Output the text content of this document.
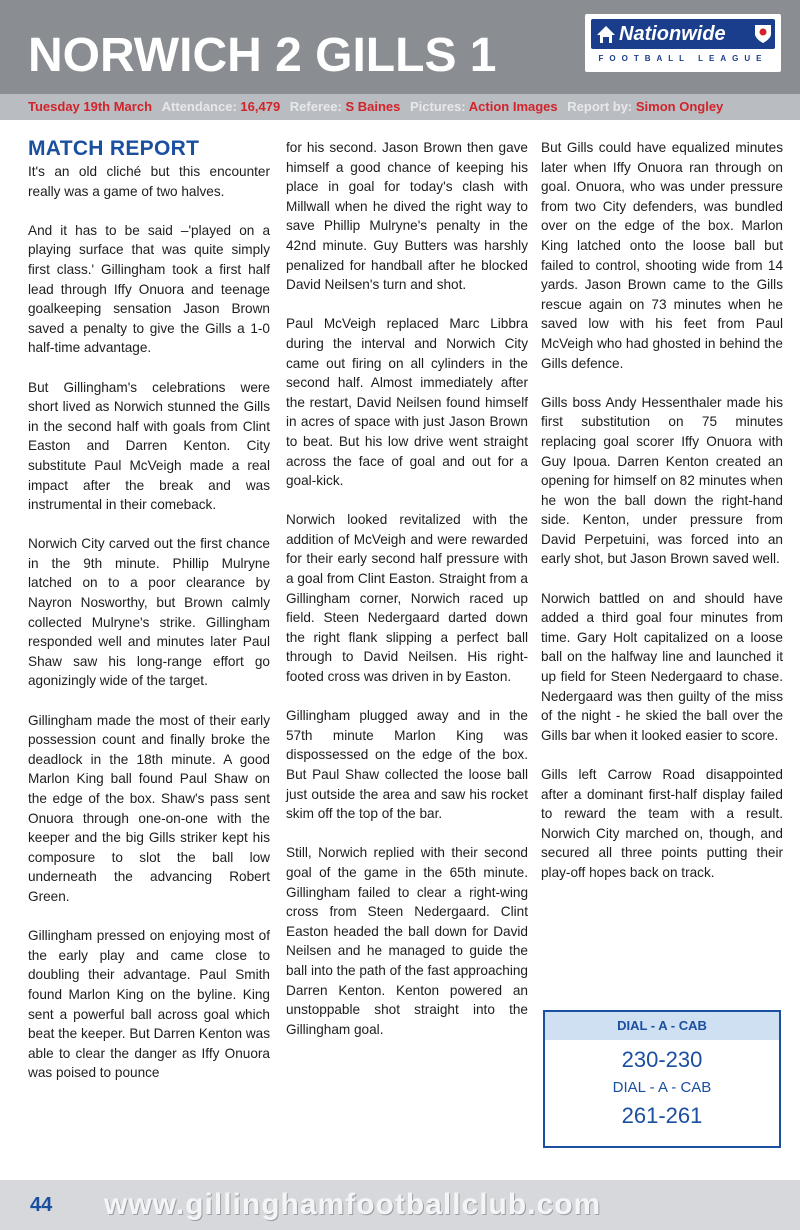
NORWICH 2 GILLS 1	Nationwide
FOOTBALL LEAGUE
Tuesday 19th March Attendance: 16,479 Referee: S Baines Pictures: Action Images Report by: Simon Ongley
MATCH REPORT

It's an old cliché but this encounter really was a game of two halves.

And it has to be said –'played on a playing surface that was quite simply first class.' Gillingham took a first half lead through Iffy Onuora and teenage goalkeeping sensation Jason Brown saved a penalty to give the Gills a 1-0 half-time advantage.

But Gillingham's celebrations were short lived as Norwich stunned the Gills in the second half with goals from Clint Easton and Darren Kenton. City substitute Paul McVeigh made a real impact after the break and was instrumental in their comeback.

Norwich City carved out the first chance in the 9th minute. Phillip Mulryne latched on to a poor clearance by Nayron Nosworthy, but Brown calmly collected Mulryne's strike. Gillingham responded well and minutes later Paul Shaw saw his long-range effort go agonizingly wide of the target.

Gillingham made the most of their early possession count and finally broke the deadlock in the 18th minute. A good Marlon King ball found Paul Shaw on the edge of the box. Shaw's pass sent Onuora through one-on-one with the keeper and the big Gills striker kept his composure to slot the ball low underneath the advancing Robert Green.

Gillingham pressed on enjoying most of the early play and came close to doubling their advantage. Paul Smith found Marlon King on the byline. King sent a powerful ball across goal which beat the keeper. But Darren Kenton was able to clear the danger as Iffy Onuora was poised to pounce

for his second. Jason Brown then gave himself a good chance of keeping his place in goal for today's clash with Millwall when he dived the right way to save Phillip Mulryne's penalty in the 42nd minute. Guy Butters was harshly penalized for handball after he blocked David Neilsen's turn and shot.

Paul McVeigh replaced Marc Libbra during the interval and Norwich City came out firing on all cylinders in the second half. Almost immediately after the restart, David Neilsen found himself in acres of space with just Jason Brown to beat. But his low drive went straight across the face of goal and out for a goal-kick.

Norwich looked revitalized with the addition of McVeigh and were rewarded for their early second half pressure with a goal from Clint Easton. Straight from a Gillingham corner, Norwich raced up field. Steen Nedergaard darted down the right flank slipping a perfect ball through to David Neilsen. His right-footed cross was driven in by Easton.

Gillingham plugged away and in the 57th minute Marlon King was dispossessed on the edge of the box. But Paul Shaw collected the loose ball just outside the area and saw his rocket skim off the top of the bar.

Still, Norwich replied with their second goal of the game in the 65th minute. Gillingham failed to clear a right-wing cross from Steen Nedergaard. Clint Easton headed the ball down for David Neilsen and he managed to guide the ball into the path of the fast approaching Darren Kenton. Kenton powered an unstoppable shot straight into the Gillingham goal.

But Gills could have equalized minutes later when Iffy Onuora ran through on goal. Onuora, who was under pressure from two City defenders, was bundled over on the edge of the box. Marlon King latched onto the loose ball but failed to control, shooting wide from 14 yards. Jason Brown came to the Gills rescue again on 73 minutes when he saved low with his feet from Paul McVeigh who had ghosted in behind the Gills defence.

Gills boss Andy Hessenthaler made his first substitution on 75 minutes replacing goal scorer Iffy Onuora with Guy Ipoua. Darren Kenton created an opening for himself on 82 minutes when he won the ball down the right-hand side. Kenton, under pressure from David Perpetuini, was forced into an early shot, but Jason Brown saved well.

Norwich battled on and should have added a third goal four minutes from time. Gary Holt capitalized on a loose ball on the halfway line and launched it up field for Steen Nedergaard to chase. Nedergaard was then guilty of the miss of the night - he skied the ball over the Gills bar when it looked easier to score.

Gills left Carrow Road disappointed after a dominant first-half display failed to reward the team with a result. Norwich City marched on, though, and secured all three points putting their play-off hopes back on track.

DIAL - A - CAB
230-230
DIAL - A - CAB
261-261
44 www.gillinghamfootballclub.com
